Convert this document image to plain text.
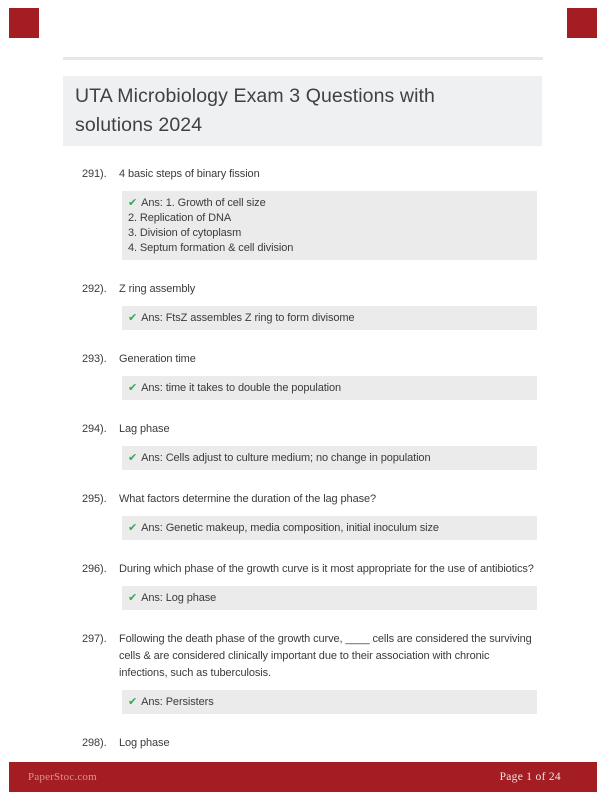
UTA Microbiology Exam 3 Questions with
solutions 2024
291).	4 basic steps of binary fission
✔ Ans: 1. Growth of cell size
2. Replication of DNA
3. Division of cytoplasm
4. Septum formation & cell division
292).	Z ring assembly
✔ Ans: FtsZ assembles Z ring to form divisome
293).	Generation time
✔ Ans: time it takes to double the population
294).	Lag phase
✔ Ans: Cells adjust to culture medium; no change in population
295).	What factors determine the duration of the lag phase?
✔ Ans: Genetic makeup, media composition, initial inoculum size
296).	During which phase of the growth curve is it most appropriate for the use of antibiotics?
✔ Ans: Log phase
297).	Following the death phase of the growth curve, ____ cells are considered the surviving
cells & are considered clinically important due to their association with chronic
infections, such as tuberculosis.
✔ Ans: Persisters
298).	Log phase
PaperStoc.com	Page 1 of 24
